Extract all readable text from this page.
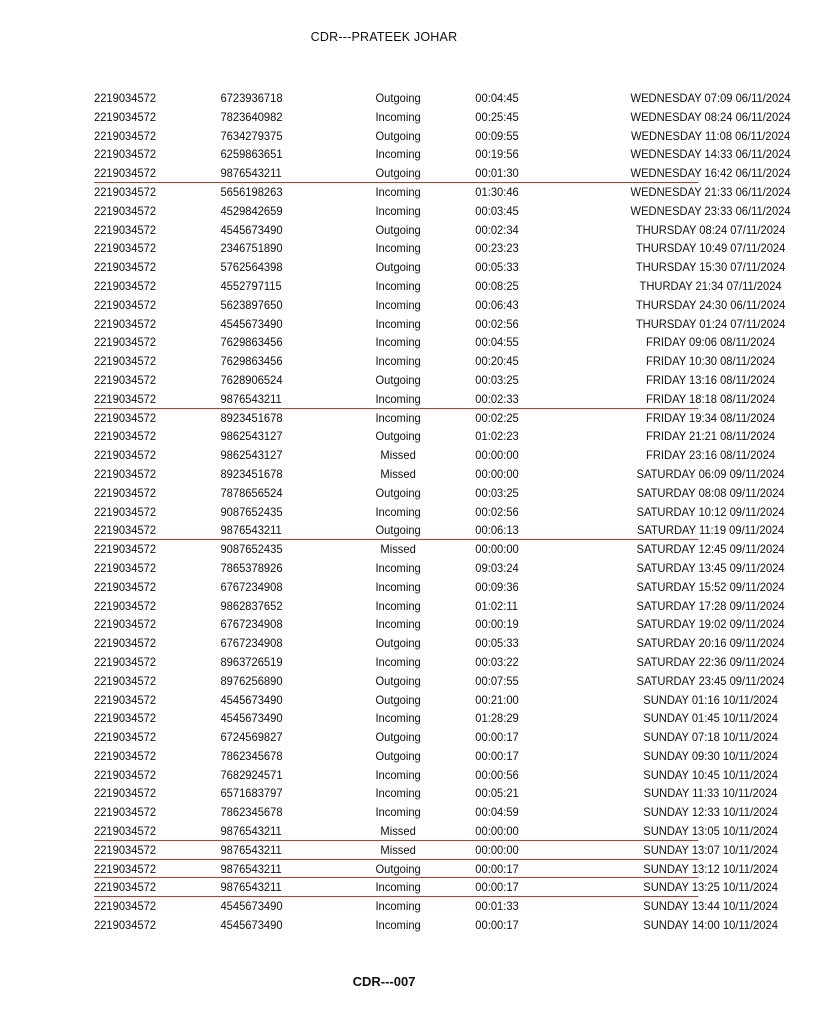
CDR---PRATEEK JOHAR
2219034572	6723936718	Outgoing	00:04:45	WEDNESDAY 07:09 06/11/2024
2219034572	7823640982	Incoming	00:25:45	WEDNESDAY 08:24 06/11/2024
2219034572	7634279375	Outgoing	00:09:55	WEDNESDAY 11:08 06/11/2024
2219034572	6259863651	Incoming	00:19:56	WEDNESDAY 14:33 06/11/2024
2219034572	9876543211	Outgoing	00:01:30	WEDNESDAY 16:42 06/11/2024
2219034572	5656198263	Incoming	01:30:46	WEDNESDAY 21:33 06/11/2024
2219034572	4529842659	Incoming	00:03:45	WEDNESDAY 23:33 06/11/2024
2219034572	4545673490	Outgoing	00:02:34	THURSDAY 08:24 07/11/2024
2219034572	2346751890	Incoming	00:23:23	THURSDAY 10:49 07/11/2024
2219034572	5762564398	Outgoing	00:05:33	THURSDAY 15:30 07/11/2024
2219034572	4552797115	Incoming	00:08:25	THURDAY 21:34 07/11/2024
2219034572	5623897650	Incoming	00:06:43	THURSDAY 24:30 06/11/2024
2219034572	4545673490	Incoming	00:02:56	THURSDAY 01:24 07/11/2024
2219034572	7629863456	Incoming	00:04:55	FRIDAY 09:06 08/11/2024
2219034572	7629863456	Incoming	00:20:45	FRIDAY 10:30 08/11/2024
2219034572	7628906524	Outgoing	00:03:25	FRIDAY 13:16 08/11/2024
2219034572	9876543211	Incoming	00:02:33	FRIDAY 18:18 08/11/2024
2219034572	8923451678	Incoming	00:02:25	FRIDAY 19:34 08/11/2024
2219034572	9862543127	Outgoing	01:02:23	FRIDAY 21:21 08/11/2024
2219034572	9862543127	Missed	00:00:00	FRIDAY 23:16 08/11/2024
2219034572	8923451678	Missed	00:00:00	SATURDAY 06:09 09/11/2024
2219034572	7878656524	Outgoing	00:03:25	SATURDAY 08:08 09/11/2024
2219034572	9087652435	Incoming	00:02:56	SATURDAY 10:12 09/11/2024
2219034572	9876543211	Outgoing	00:06:13	SATURDAY 11:19 09/11/2024
2219034572	9087652435	Missed	00:00:00	SATURDAY 12:45 09/11/2024
2219034572	7865378926	Incoming	09:03:24	SATURDAY 13:45 09/11/2024
2219034572	6767234908	Incoming	00:09:36	SATURDAY 15:52 09/11/2024
2219034572	9862837652	Incoming	01:02:11	SATURDAY 17:28 09/11/2024
2219034572	6767234908	Incoming	00:00:19	SATURDAY 19:02 09/11/2024
2219034572	6767234908	Outgoing	00:05:33	SATURDAY 20:16 09/11/2024
2219034572	8963726519	Incoming	00:03:22	SATURDAY 22:36 09/11/2024
2219034572	8976256890	Outgoing	00:07:55	SATURDAY 23:45 09/11/2024
2219034572	4545673490	Outgoing	00:21:00	SUNDAY 01:16 10/11/2024
2219034572	4545673490	Incoming	01:28:29	SUNDAY 01:45 10/11/2024
2219034572	6724569827	Outgoing	00:00:17	SUNDAY 07:18 10/11/2024
2219034572	7862345678	Outgoing	00:00:17	SUNDAY 09:30 10/11/2024
2219034572	7682924571	Incoming	00:00:56	SUNDAY 10:45 10/11/2024
2219034572	6571683797	Incoming	00:05:21	SUNDAY 11:33 10/11/2024
2219034572	7862345678	Incoming	00:04:59	SUNDAY 12:33 10/11/2024
2219034572	9876543211	Missed	00:00:00	SUNDAY 13:05 10/11/2024
2219034572	9876543211	Missed	00:00:00	SUNDAY 13:07 10/11/2024
2219034572	9876543211	Outgoing	00:00:17	SUNDAY 13:12 10/11/2024
2219034572	9876543211	Incoming	00:00:17	SUNDAY 13:25 10/11/2024
2219034572	4545673490	Incoming	00:01:33	SUNDAY 13:44 10/11/2024
2219034572	4545673490	Incoming	00:00:17	SUNDAY 14:00 10/11/2024
CDR---007
